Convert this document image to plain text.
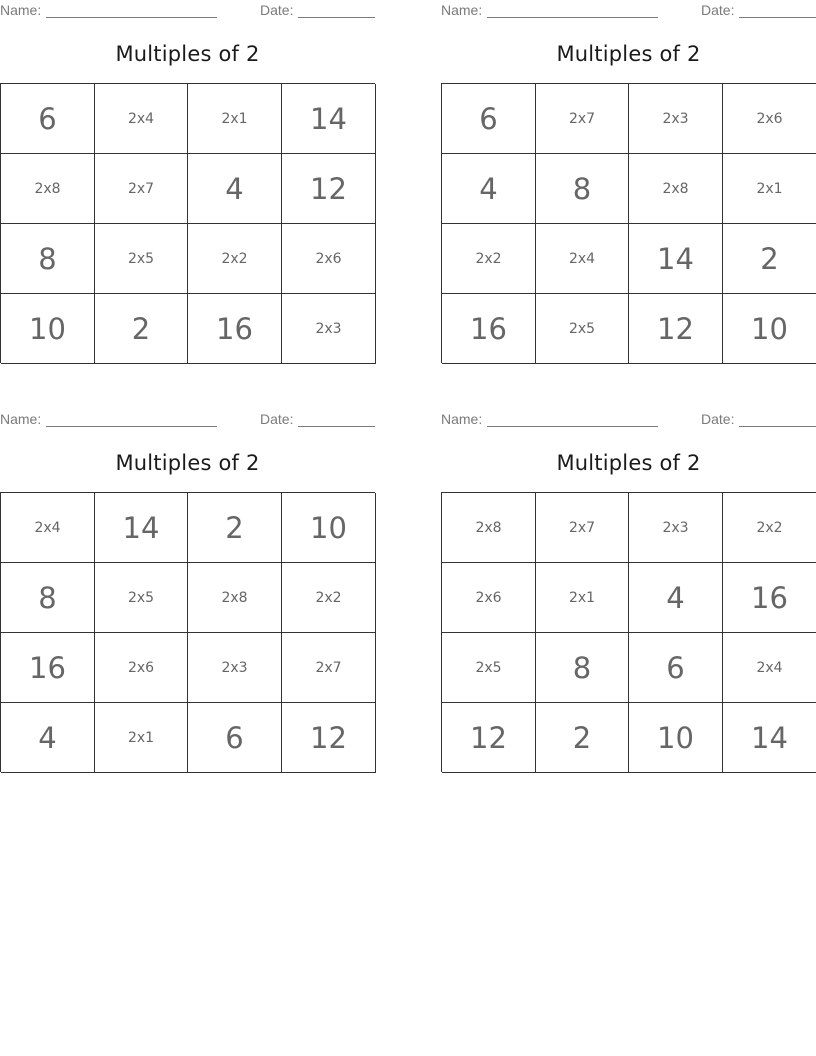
Name:	Date:
Multiples of 2
6	2x4	2x1	14
2x8	2x7	4	12
8	2x5	2x2	2x6
10	2	16	2x3
Name:	Date:
Multiples of 2
6	2x7	2x3	2x6
4	8	2x8	2x1
2x2	2x4	14	2
16	2x5	12	10
Name:	Date:
Multiples of 2
2x4	14	2	10
8	2x5	2x8	2x2
16	2x6	2x3	2x7
4	2x1	6	12
Name:	Date:
Multiples of 2
2x8	2x7	2x3	2x2
2x6	2x1	4	16
2x5	8	6	2x4
12	2	10	14
